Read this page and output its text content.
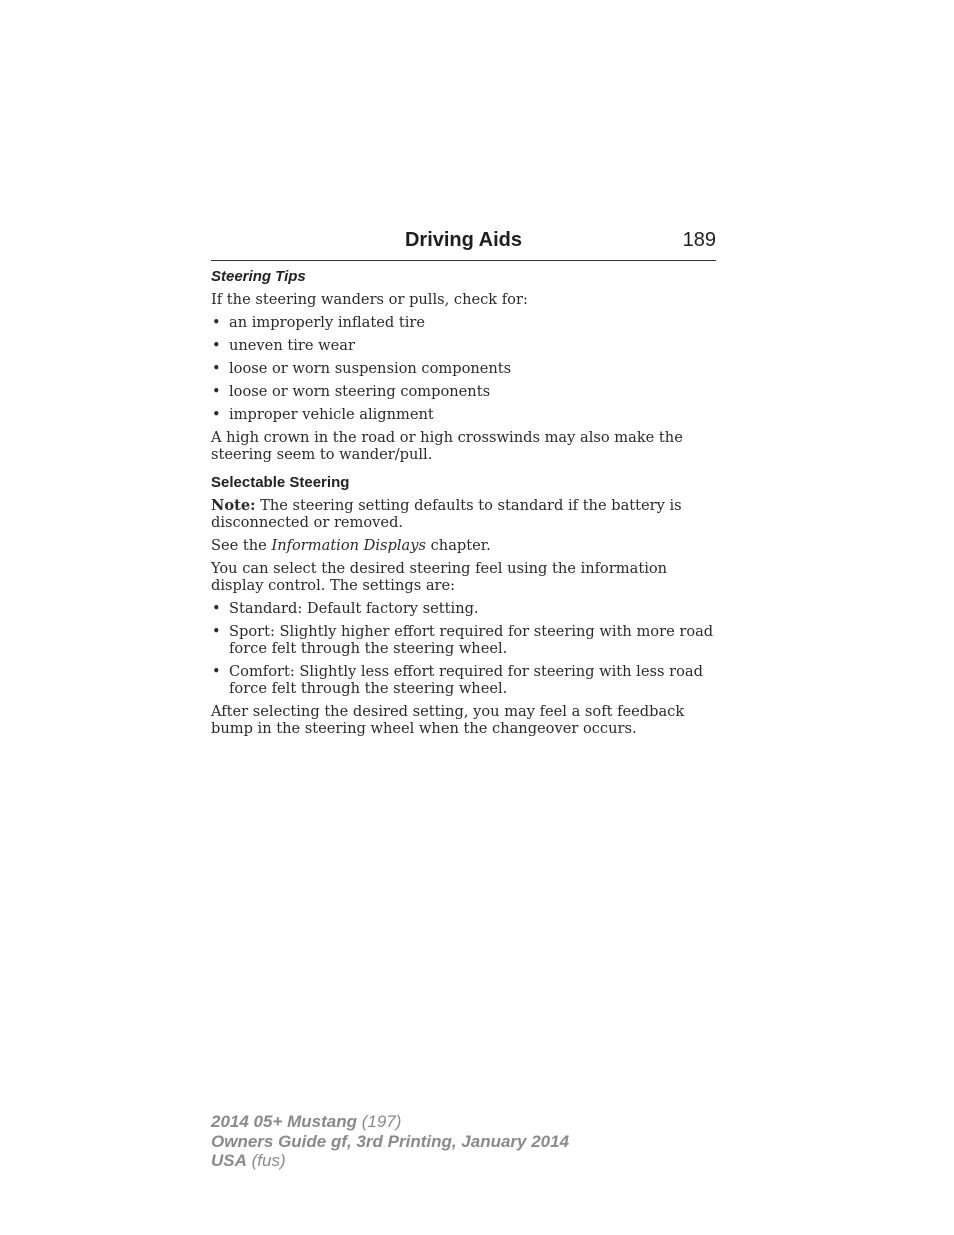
Driving Aids	189
Steering Tips

If the steering wanders or pulls, check for:

• an improperly inflated tire
• uneven tire wear
• loose or worn suspension components
• loose or worn steering components
• improper vehicle alignment

A high crown in the road or high crosswinds may also make the steering seem to wander/pull.

Selectable Steering

Note: The steering setting defaults to standard if the battery is disconnected or removed.

See the Information Displays chapter.

You can select the desired steering feel using the information display control. The settings are:

• Standard: Default factory setting.
• Sport: Slightly higher effort required for steering with more road force felt through the steering wheel.
• Comfort: Slightly less effort required for steering with less road force felt through the steering wheel.

After selecting the desired setting, you may feel a soft feedback bump in the steering wheel when the changeover occurs.

2014 05+ Mustang (197)
Owners Guide gf, 3rd Printing, January 2014
USA (fus)
